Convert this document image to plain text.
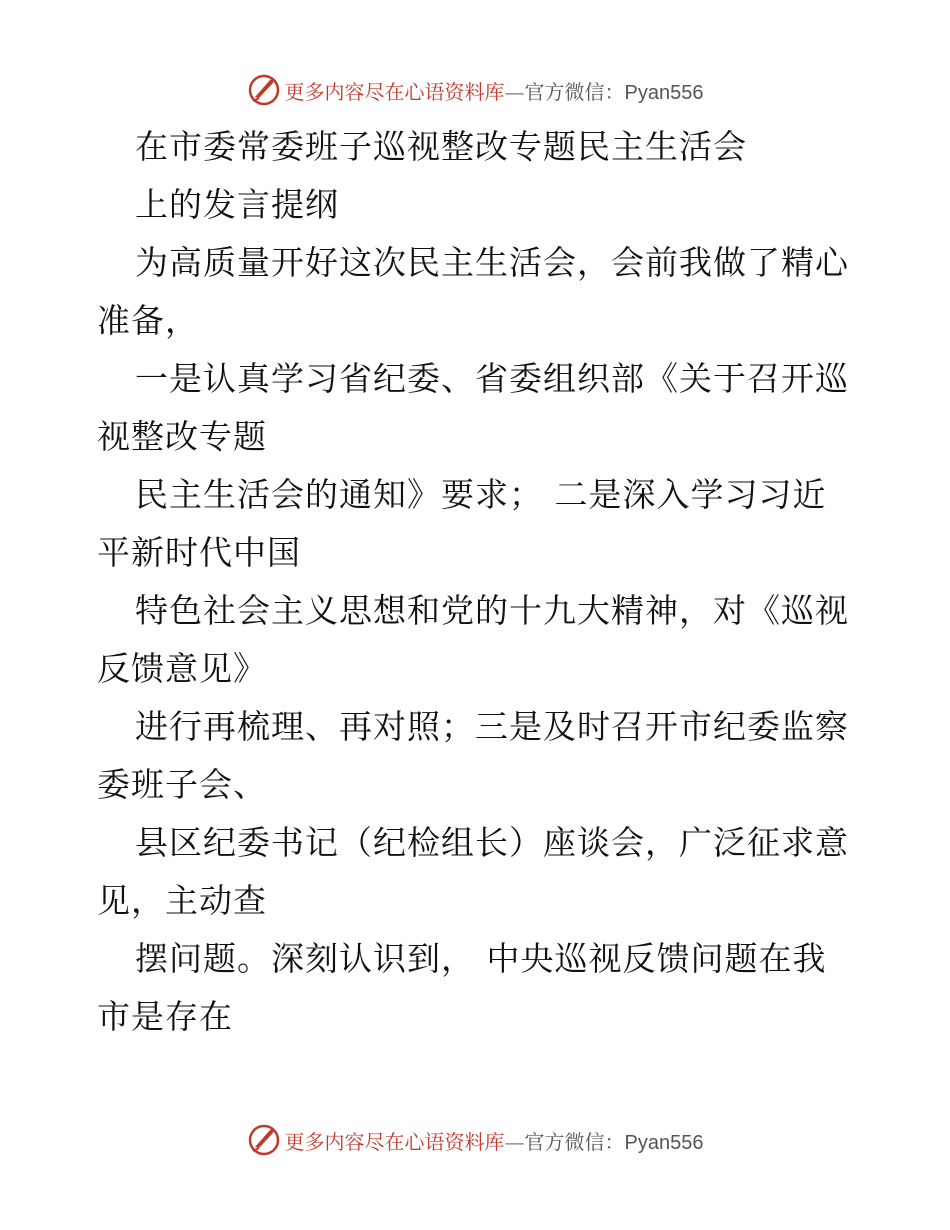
更多内容尽在心语资料库—官方微信：Pyan556
在市委常委班子巡视整改专题民主生活会
上的发言提纲
为高质量开好这次民主生活会，会前我做了精心
准备，
一是认真学习省纪委、省委组织部《关于召开巡
视整改专题
民主生活会的通知》要求； 二是深入学习习近
平新时代中国
特色社会主义思想和党的十九大精神，对《巡视
反馈意见》
进行再梳理、再对照；三是及时召开市纪委监察
委班子会、
县区纪委书记（纪检组长）座谈会，广泛征求意
见，主动查
摆问题。深刻认识到， 中央巡视反馈问题在我
市是存在
更多内容尽在心语资料库—官方微信：Pyan556
